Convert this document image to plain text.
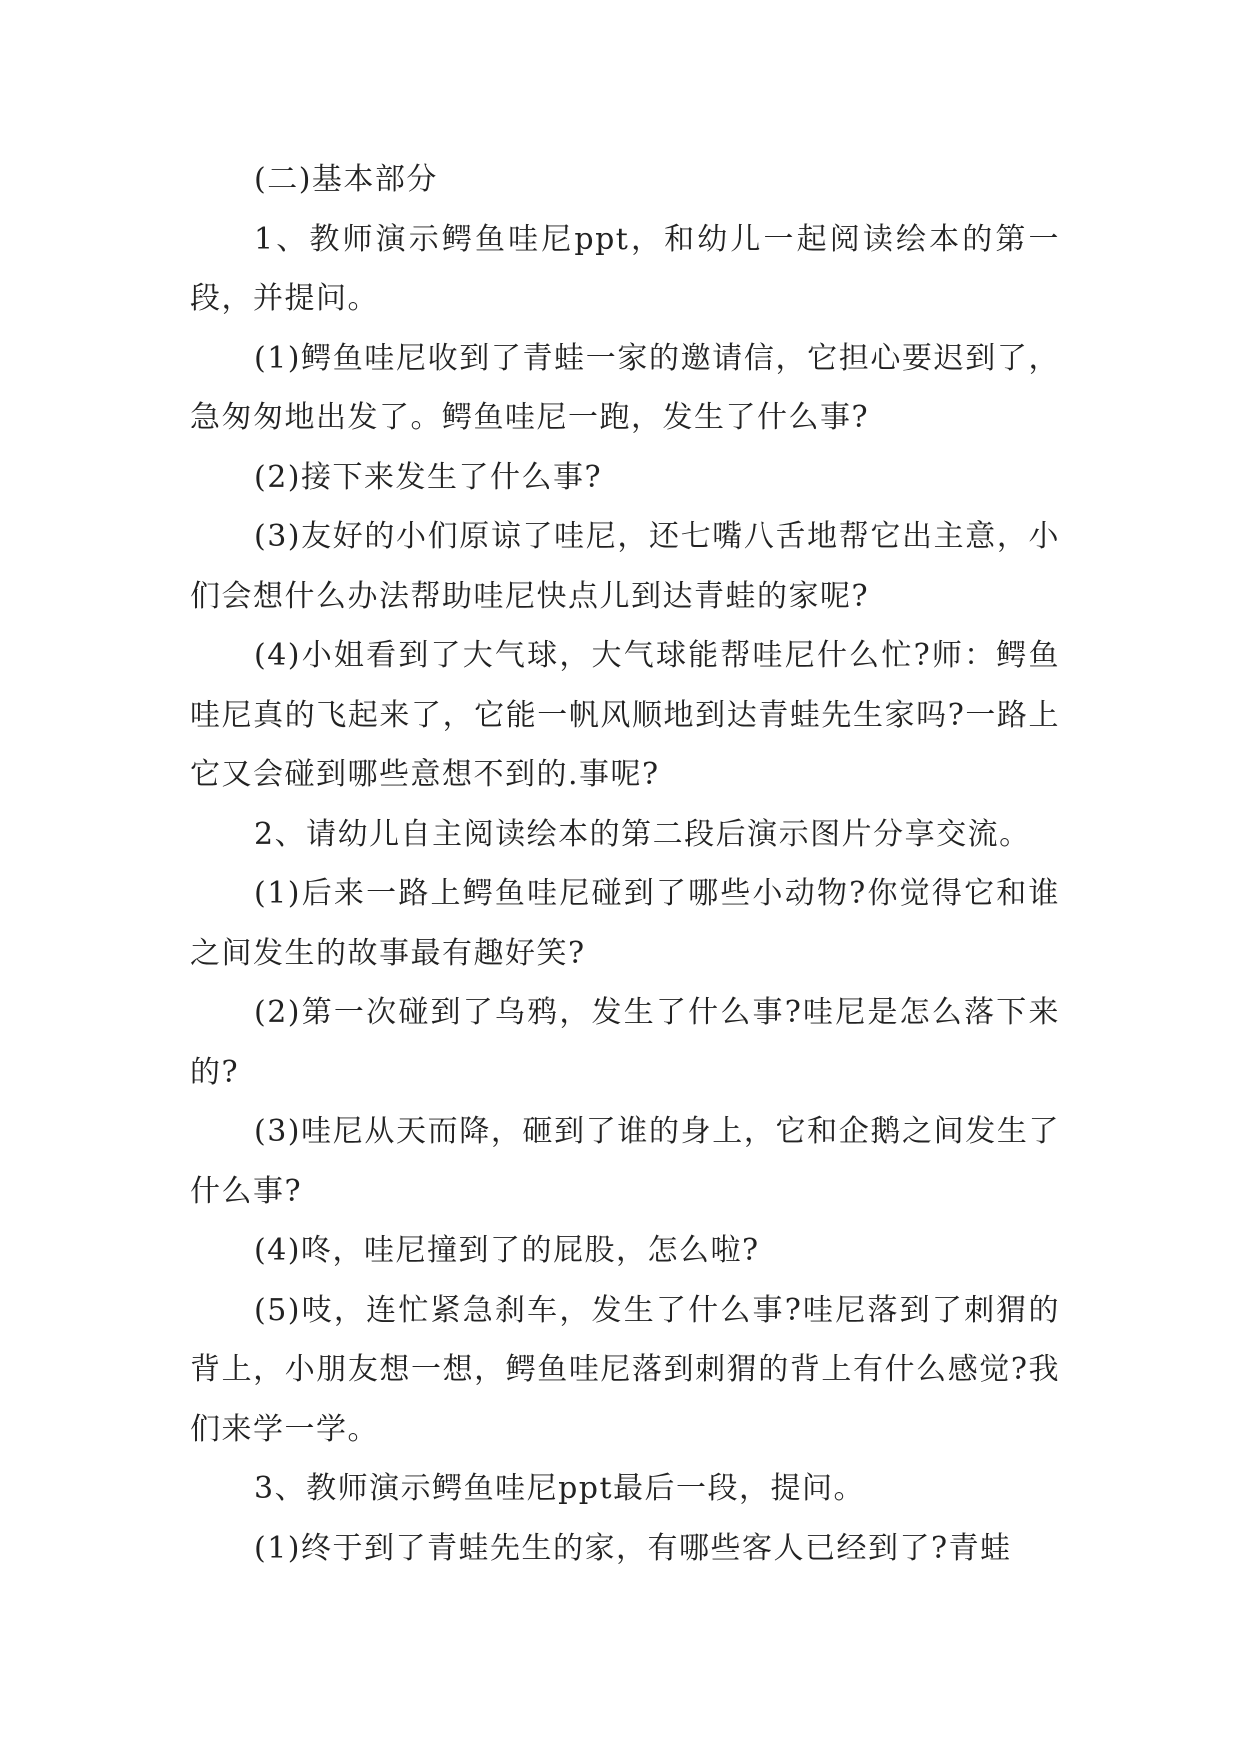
(二)基本部分

1、教师演示鳄鱼哇尼ppt，和幼儿一起阅读绘本的第一段，并提问。

(1)鳄鱼哇尼收到了青蛙一家的邀请信，它担心要迟到了，急匆匆地出发了。鳄鱼哇尼一跑，发生了什么事?

(2)接下来发生了什么事?

(3)友好的小们原谅了哇尼，还七嘴八舌地帮它出主意，小们会想什么办法帮助哇尼快点儿到达青蛙的家呢?

(4)小姐看到了大气球，大气球能帮哇尼什么忙?师：鳄鱼哇尼真的飞起来了，它能一帆风顺地到达青蛙先生家吗?一路上它又会碰到哪些意想不到的.事呢?

2、请幼儿自主阅读绘本的第二段后演示图片分享交流。

(1)后来一路上鳄鱼哇尼碰到了哪些小动物?你觉得它和谁之间发生的故事最有趣好笑?

(2)第一次碰到了乌鸦，发生了什么事?哇尼是怎么落下来的?

(3)哇尼从天而降，砸到了谁的身上，它和企鹅之间发生了什么事?

(4)咚，哇尼撞到了的屁股，怎么啦?

(5)吱，连忙紧急刹车，发生了什么事?哇尼落到了刺猬的背上，小朋友想一想，鳄鱼哇尼落到刺猬的背上有什么感觉?我们来学一学。

3、教师演示鳄鱼哇尼ppt最后一段，提问。

(1)终于到了青蛙先生的家，有哪些客人已经到了?青蛙
